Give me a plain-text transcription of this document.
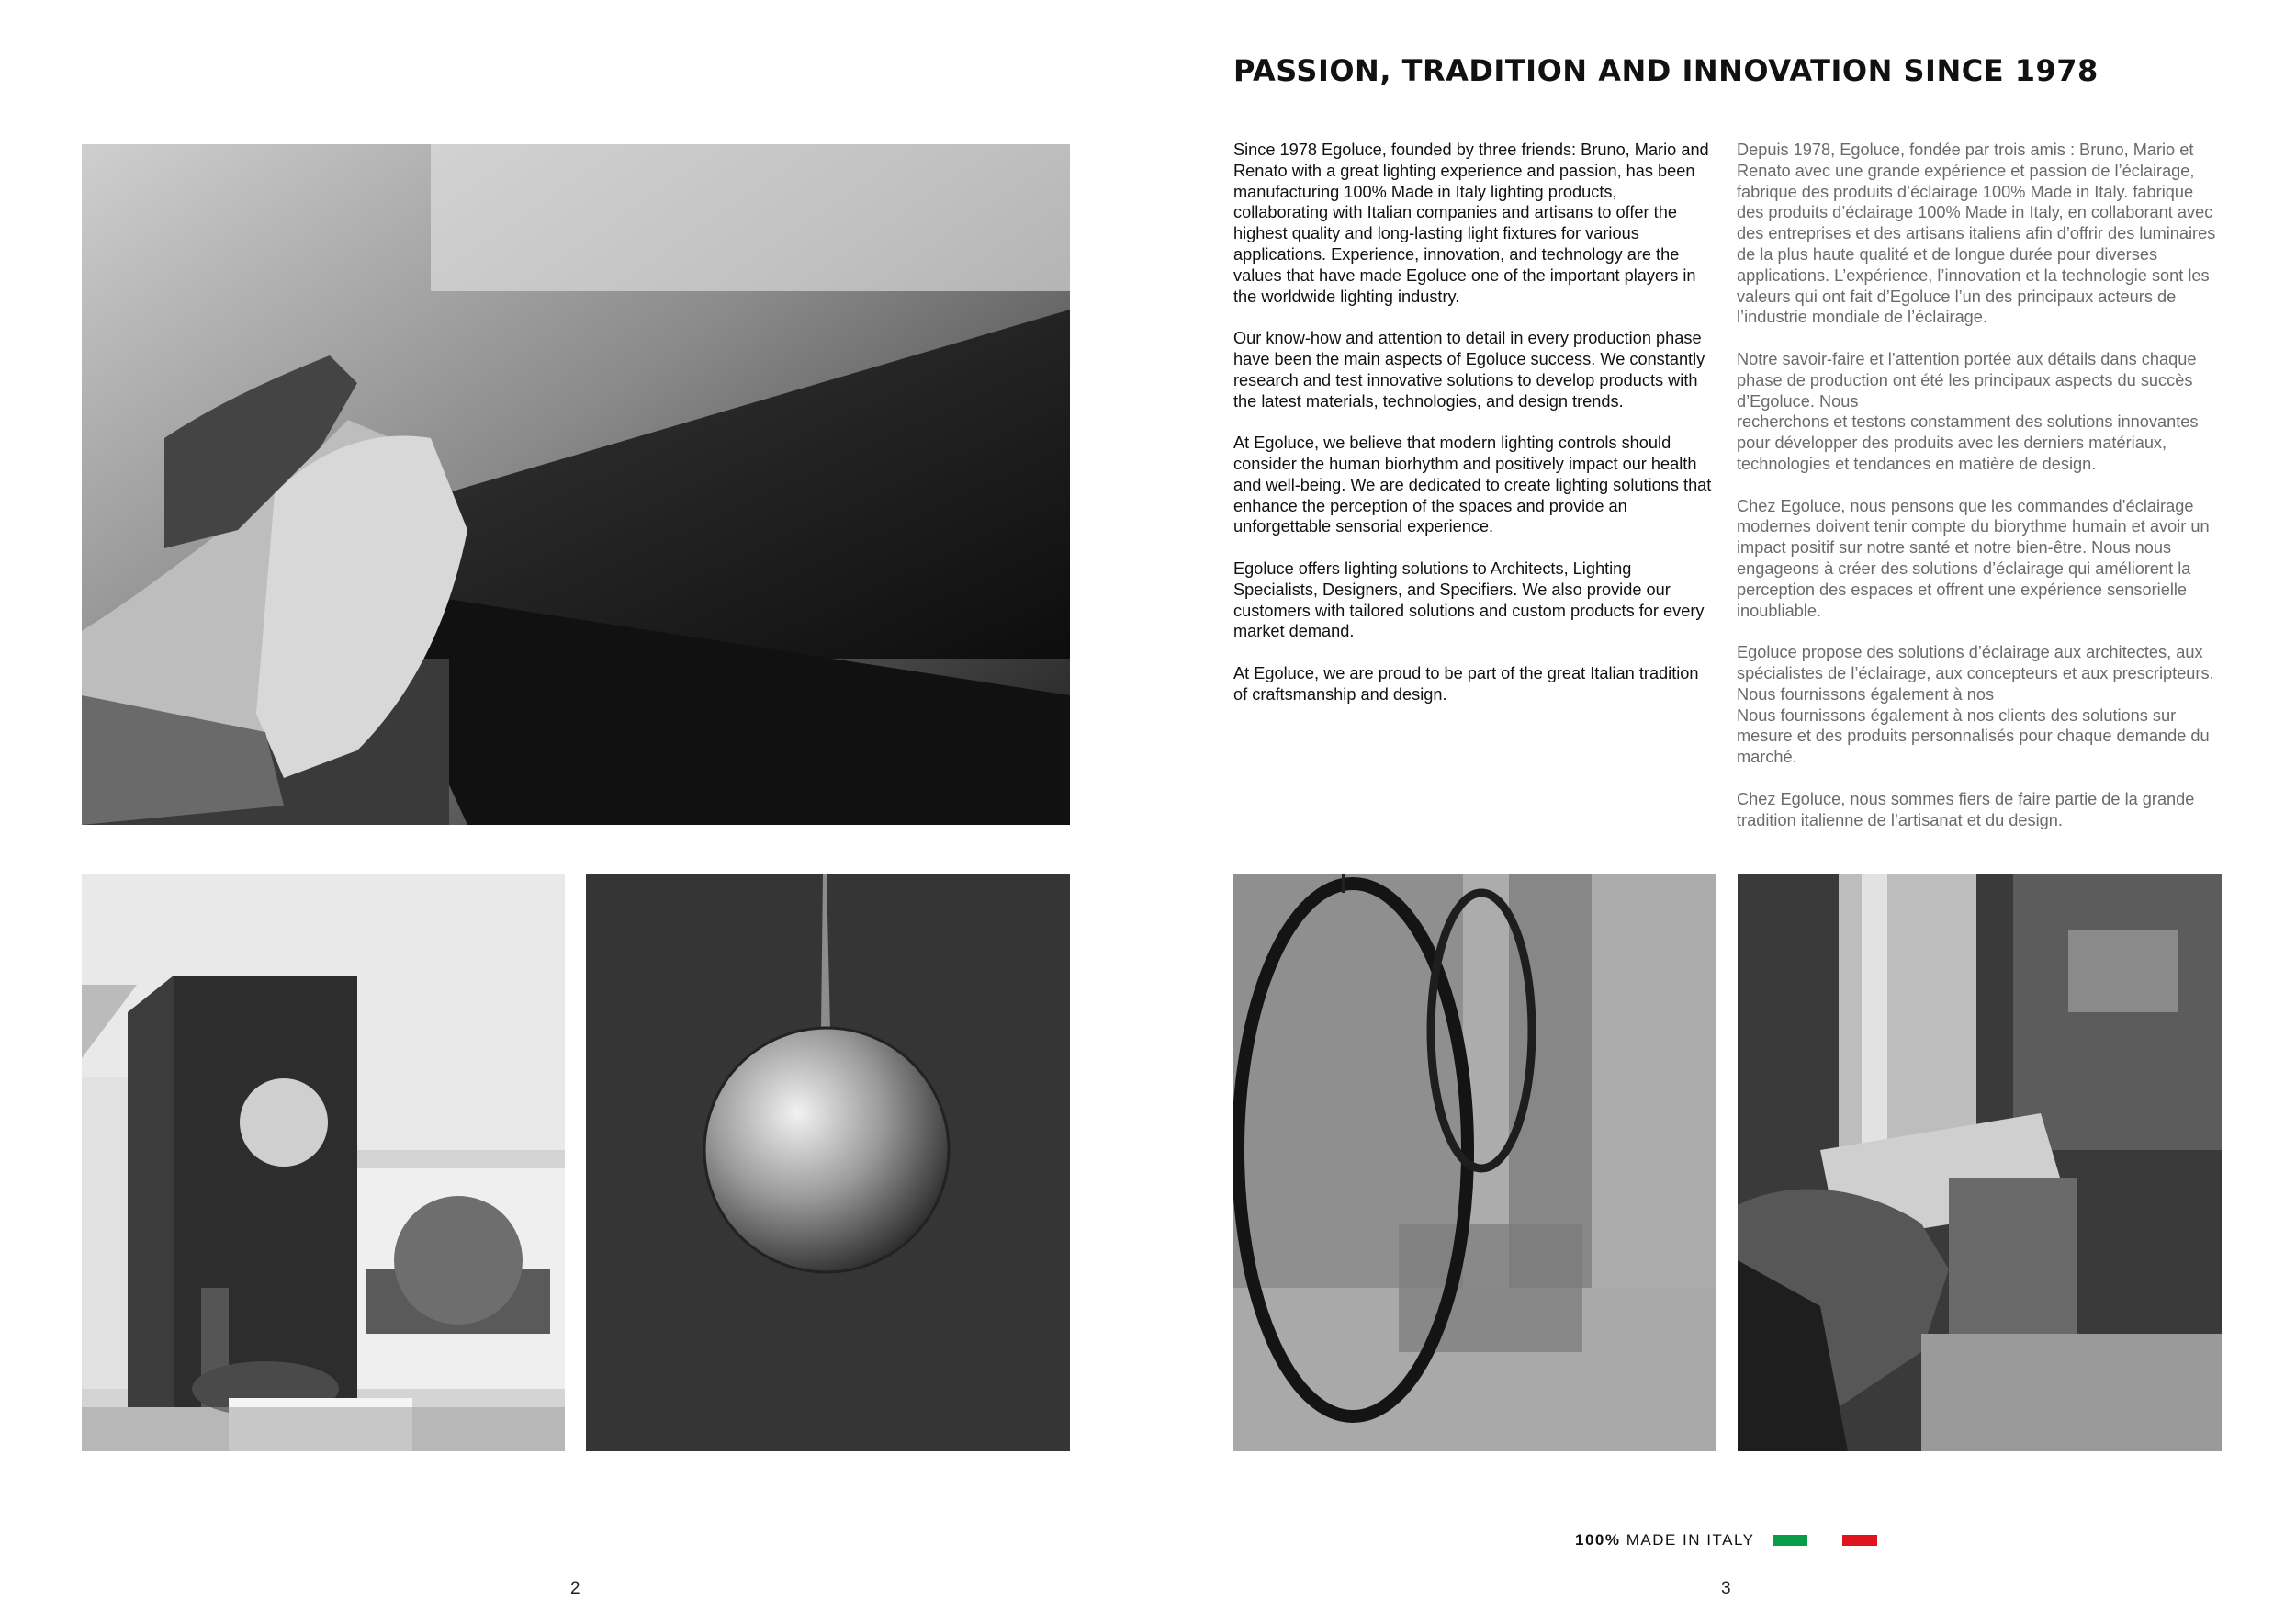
PASSION, TRADITION AND INNOVATION SINCE 1978

Since 1978 Egoluce, founded by three friends: Bruno, Mario and Renato with a great lighting experience and passion, has been manufacturing 100% Made in Italy lighting products, collaborating with Italian companies and artisans to offer the highest quality and long-lasting light fixtures for various applications. Experience, innovation, and technology are the values that have made Egoluce one of the important players in the worldwide lighting industry.

Our know-how and attention to detail in every production phase have been the main aspects of Egoluce success. We constantly research and test innovative solutions to develop products with the latest materials, technologies, and design trends.

At Egoluce, we believe that modern lighting controls should consider the human biorhythm and positively impact our health and well-being. We are dedicated to create lighting solutions that enhance the perception of the spaces and provide an unforgettable sensorial experience.

Egoluce offers lighting solutions to Architects, Lighting Specialists, Designers, and Specifiers. We also provide our customers with tailored solutions and custom products for every market demand.

At Egoluce, we are proud to be part of the great Italian tradition of craftsmanship and design.

Depuis 1978, Egoluce, fondée par trois amis : Bruno, Mario et Renato avec une grande expérience et passion de l’éclairage, fabrique des produits d’éclairage 100% Made in Italy. fabrique des produits d’éclairage 100% Made in Italy, en collaborant avec des entreprises et des artisans italiens afin d’offrir des luminaires de la plus haute qualité et de longue durée pour diverses applications. L’expérience, l’innovation et la technologie sont les valeurs qui ont fait d’Egoluce l’un des principaux acteurs de l’industrie mondiale de l’éclairage.

Notre savoir-faire et l’attention portée aux détails dans chaque phase de production ont été les principaux aspects du succès d’Egoluce. Nous
recherchons et testons constamment des solutions innovantes pour développer des produits avec les derniers matériaux, technologies et tendances en matière de design.

Chez Egoluce, nous pensons que les commandes d’éclairage modernes doivent tenir compte du biorythme humain et avoir un impact positif sur notre santé et notre bien-être. Nous nous engageons à créer des solutions d’éclairage qui améliorent la perception des espaces et offrent une expérience sensorielle inoubliable.

Egoluce propose des solutions d’éclairage aux architectes, aux spécialistes de l’éclairage, aux concepteurs et aux prescripteurs. Nous fournissons également à nos
Nous fournissons également à nos clients des solutions sur mesure et des produits personnalisés pour chaque demande du marché.

Chez Egoluce, nous sommes fiers de faire partie de la grande tradition italienne de l’artisanat et du design.

100% MADE IN ITALY
2	3
